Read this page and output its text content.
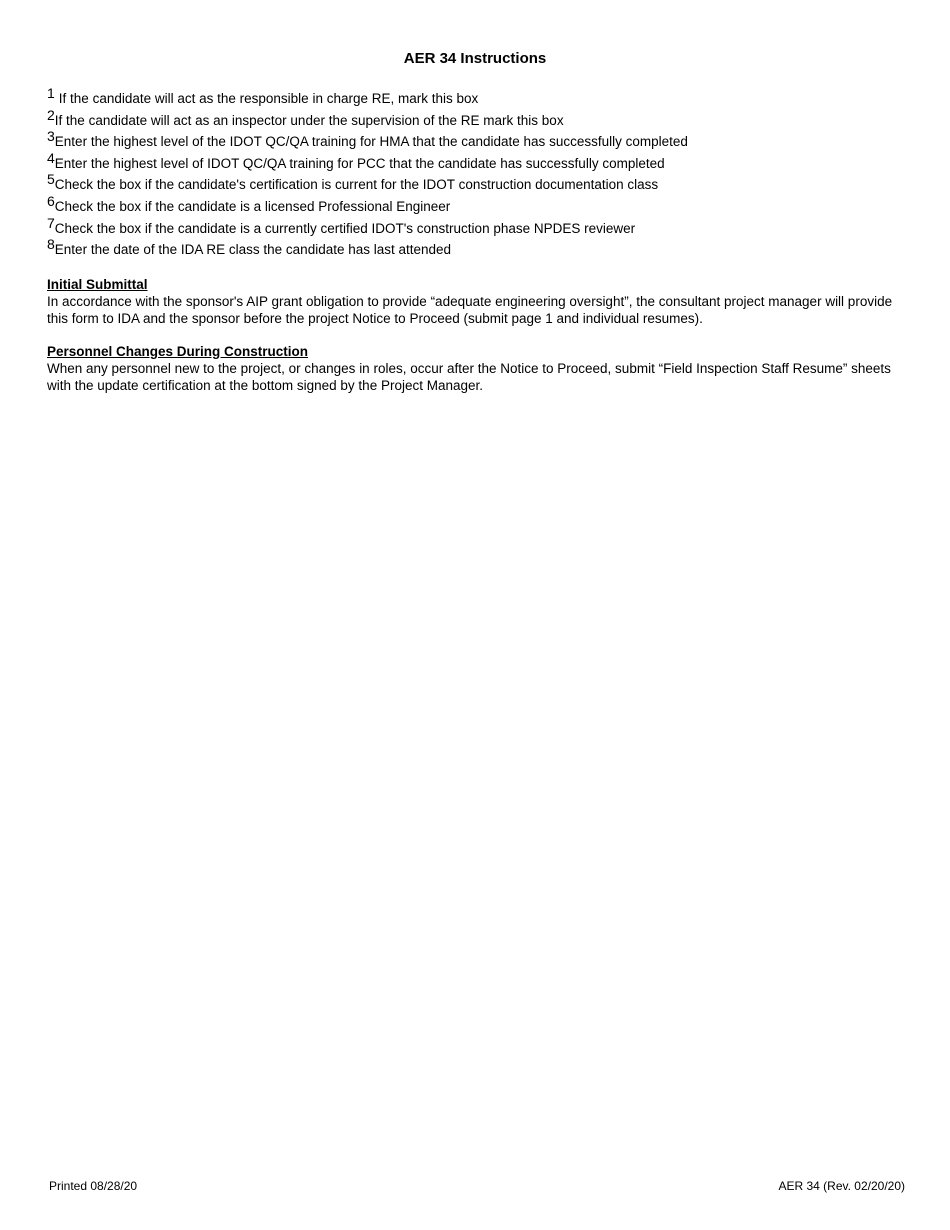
AER 34 Instructions
1 If the candidate will act as the responsible in charge RE, mark this box
2If the candidate will act as an inspector under the supervision of the RE mark this box
3Enter the highest level of the IDOT QC/QA training for HMA that the candidate has successfully completed
4Enter the highest level of IDOT QC/QA training for PCC that the candidate has successfully completed
5Check the box if the candidate's certification is current for the IDOT construction documentation class
6Check the box if the candidate is a licensed Professional Engineer
7Check the box if the candidate is a currently certified IDOT's construction phase NPDES reviewer
8Enter the date of the IDA RE class the candidate has last attended
Initial Submittal
In accordance with the sponsor's AIP grant obligation to provide “adequate engineering oversight”, the consultant project manager will provide this form to IDA and the sponsor before the project Notice to Proceed (submit page 1 and individual resumes).
Personnel Changes During Construction
When any personnel new to the project, or changes in roles, occur after the Notice to Proceed, submit “Field Inspection Staff Resume” sheets with the update certification at the bottom signed by the Project Manager.
Printed 08/28/20	AER 34 (Rev. 02/20/20)
